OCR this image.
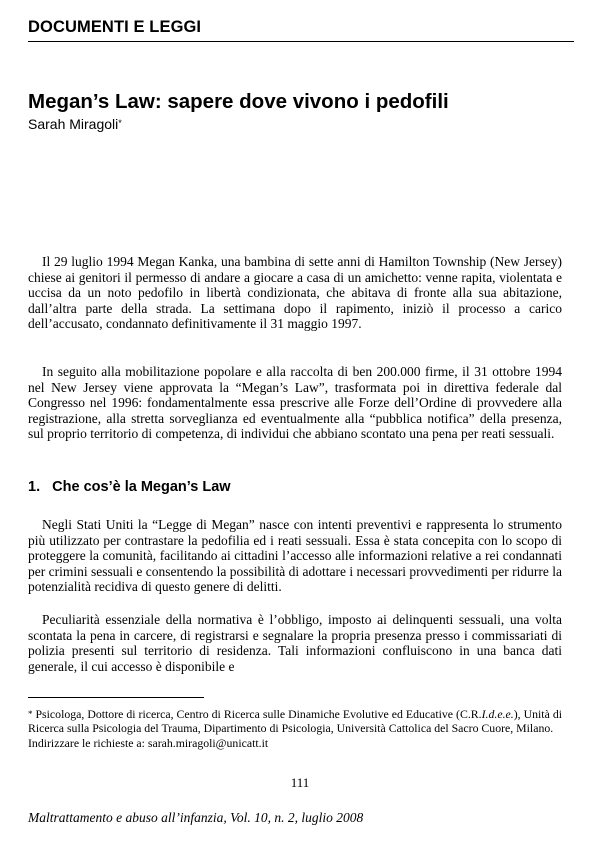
DOCUMENTI E LEGGI
Megan’s Law: sapere dove vivono i pedofili
Sarah Miragoli*

Il 29 luglio 1994 Megan Kanka, una bambina di sette anni di Hamilton Township (New Jersey) chiese ai genitori il permesso di andare a giocare a casa di un amichetto: venne rapita, violentata e uccisa da un noto pedofilo in libertà condizionata, che abitava di fronte alla sua abitazione, dall’altra parte della strada. La settimana dopo il rapimento, iniziò il processo a carico dell’accusato, condannato definitivamente il 31 maggio 1997.

In seguito alla mobilitazione popolare e alla raccolta di ben 200.000 firme, il 31 ottobre 1994 nel New Jersey viene approvata la “Megan’s Law”, trasformata poi in direttiva federale dal Congresso nel 1996: fondamentalmente essa prescrive alle Forze dell’Ordine di provvedere alla registrazione, alla stretta sorveglianza ed eventualmente alla “pubblica notifica” della presenza, sul proprio territorio di competenza, di individui che abbiano scontato una pena per reati sessuali.

1.   Che cos’è la Megan’s Law

Negli Stati Uniti la “Legge di Megan” nasce con intenti preventivi e rappresenta lo strumento più utilizzato per contrastare la pedofilia ed i reati sessuali. Essa è stata concepita con lo scopo di proteggere la comunità, facilitando ai cittadini l’accesso alle informazioni relative a rei condannati per crimini sessuali e consentendo la possibilità di adottare i necessari provvedimenti per ridurre la potenzialità recidiva di questo genere di delitti.

Peculiarità essenziale della normativa è l’obbligo, imposto ai delinquenti sessuali, una volta scontata la pena in carcere, di registrarsi e segnalare la propria presenza presso i commissariati di polizia presenti sul territorio di residenza. Tali informazioni confluiscono in una banca dati generale, il cui accesso è disponibile e

* Psicologa, Dottore di ricerca, Centro di Ricerca sulle Dinamiche Evolutive ed Educative (C.R.I.d.e.e.), Unità di Ricerca sulla Psicologia del Trauma, Dipartimento di Psicologia, Università Cattolica del Sacro Cuore, Milano.
Indirizzare le richieste a: sarah.miragoli@unicatt.it

111
Maltrattamento e abuso all’infanzia, Vol. 10, n. 2, luglio 2008
